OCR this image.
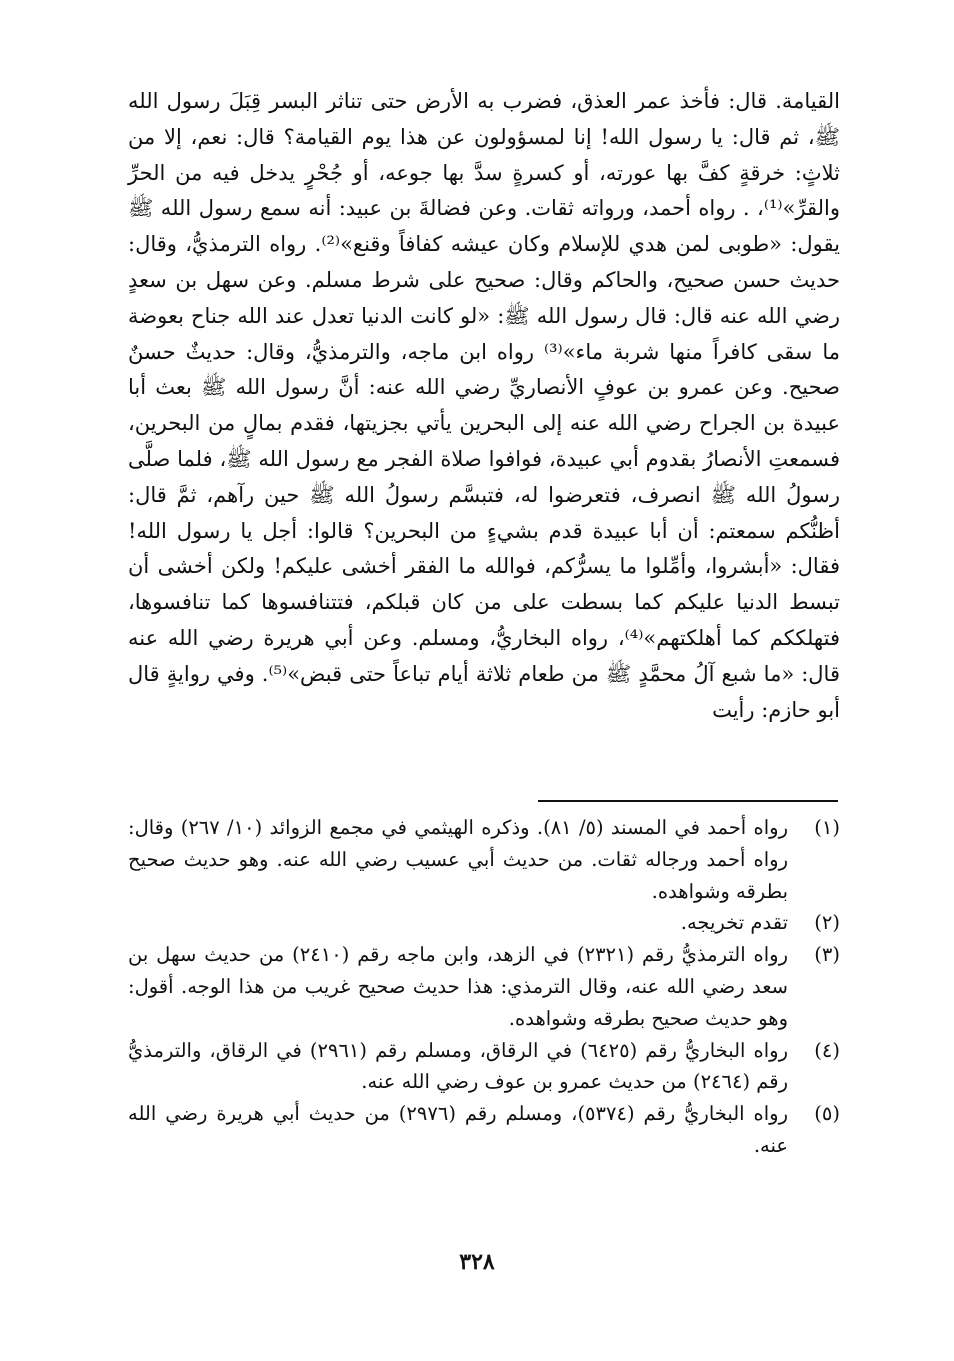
القيامة. قال: فأخذ عمر العذق، فضرب به الأرض حتى تناثر البسر قِبَلَ رسول الله ﷺ، ثم قال: يا رسول الله! إنا لمسؤولون عن هذا يوم القيامة؟ قال: نعم، إلا من ثلاثٍ: خرقةٍ كفَّ بها عورته، أو كسرةٍ سدَّ بها جوعه، أو جُحْرٍ يدخل فيه من الحرِّ والقرِّ»⁽¹⁾، . رواه أحمد، ورواته ثقات. وعن فضالةَ بن عبيد: أنه سمع رسول الله ﷺ يقول: «طوبى لمن هدي للإسلام وكان عيشه كفافاً وقنع»⁽²⁾. رواه الترمذيُّ، وقال: حديث حسن صحيح، والحاكم وقال: صحيح على شرط مسلم. وعن سهل بن سعدٍ رضي الله عنه قال: قال رسول الله ﷺ: «لو كانت الدنيا تعدل عند الله جناح بعوضة ما سقى كافراً منها شربة ماء»⁽³⁾ رواه ابن ماجه، والترمذيُّ، وقال: حديثٌ حسنٌ صحيح. وعن عمرو بن عوفٍ الأنصاريِّ رضي الله عنه: أنَّ رسول الله ﷺ بعث أبا عبيدة بن الجراح رضي الله عنه إلى البحرين يأتي بجزيتها، فقدم بمالٍ من البحرين، فسمعتِ الأنصارُ بقدوم أبي عبيدة، فوافوا صلاة الفجر مع رسول الله ﷺ، فلما صلَّى رسولُ الله ﷺ انصرف، فتعرضوا له، فتبسَّم رسولُ الله ﷺ حين رآهم، ثمَّ قال: أظنُّكم سمعتم: أن أبا عبيدة قدم بشيءٍ من البحرين؟ قالوا: أجل يا رسول الله! فقال: «أبشروا، وأمِّلوا ما يسرُّكم، فوالله ما الفقر أخشى عليكم! ولكن أخشى أن تبسط الدنيا عليكم كما بسطت على من كان قبلكم، فتتنافسوها كما تنافسوها، فتهلككم كما أهلكتهم»⁽⁴⁾، رواه البخاريُّ، ومسلم. وعن أبي هريرة رضي الله عنه قال: «ما شبع آلُ محمَّدٍ ﷺ من طعام ثلاثة أيام تباعاً حتى قبض»⁽⁵⁾. وفي روايةٍ قال أبو حازم: رأيت

(١)
رواه أحمد في المسند (٥/ ٨١). وذكره الهيثمي في مجمع الزوائد (١٠/ ٢٦٧) وقال: رواه أحمد ورجاله ثقات. من حديث أبي عسيب رضي الله عنه. وهو حديث صحيح بطرقه وشواهده.
(٢)
تقدم تخريجه.
(٣)
رواه الترمذيُّ رقم (٢٣٢١) في الزهد، وابن ماجه رقم (٢٤١٠) من حديث سهل بن سعد رضي الله عنه، وقال الترمذي: هذا حديث صحيح غريب من هذا الوجه. أقول: وهو حديث صحيح بطرقه وشواهده.
(٤)
رواه البخاريُّ رقم (٦٤٢٥) في الرقاق، ومسلم رقم (٢٩٦١) في الرقاق، والترمذيُّ رقم (٢٤٦٤) من حديث عمرو بن عوف رضي الله عنه.
(٥)
رواه البخاريُّ رقم (٥٣٧٤)، ومسلم رقم (٢٩٧٦) من حديث أبي هريرة رضي الله عنه.
٣٢٨
